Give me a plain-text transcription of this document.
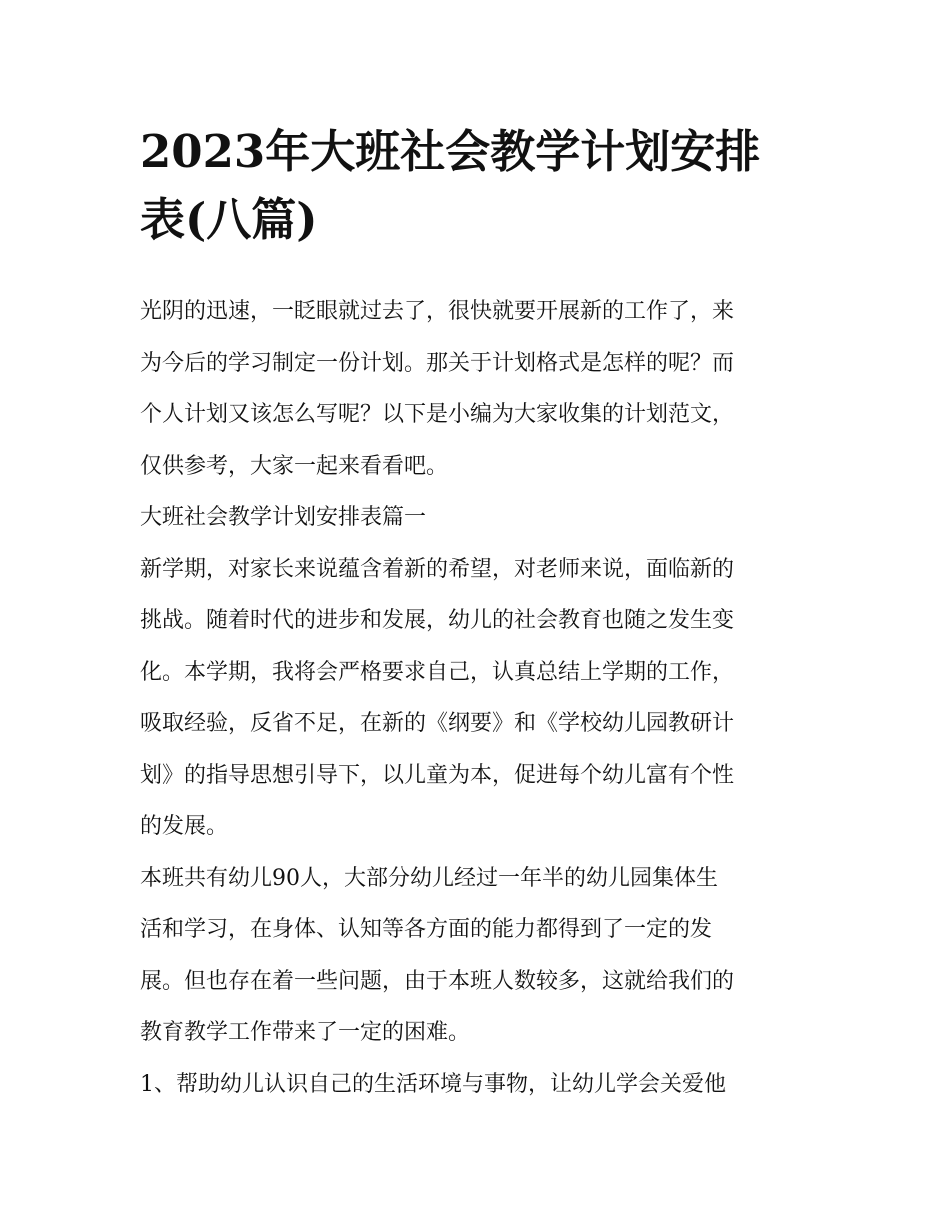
2023年大班社会教学计划安排
表(八篇)

光阴的迅速，一眨眼就过去了，很快就要开展新的工作了，来
为今后的学习制定一份计划。那关于计划格式是怎样的呢？而
个人计划又该怎么写呢？以下是小编为大家收集的计划范文，
仅供参考，大家一起来看看吧。

大班社会教学计划安排表篇一

新学期，对家长来说蕴含着新的希望，对老师来说，面临新的
挑战。随着时代的进步和发展，幼儿的社会教育也随之发生变
化。本学期，我将会严格要求自己，认真总结上学期的工作，
吸取经验，反省不足，在新的《纲要》和《学校幼儿园教研计
划》的指导思想引导下，以儿童为本，促进每个幼儿富有个性
的发展。

本班共有幼儿90人，大部分幼儿经过一年半的幼儿园集体生
活和学习，在身体、认知等各方面的能力都得到了一定的发
展。但也存在着一些问题，由于本班人数较多，这就给我们的
教育教学工作带来了一定的困难。

1、帮助幼儿认识自己的生活环境与事物，让幼儿学会关爱他
